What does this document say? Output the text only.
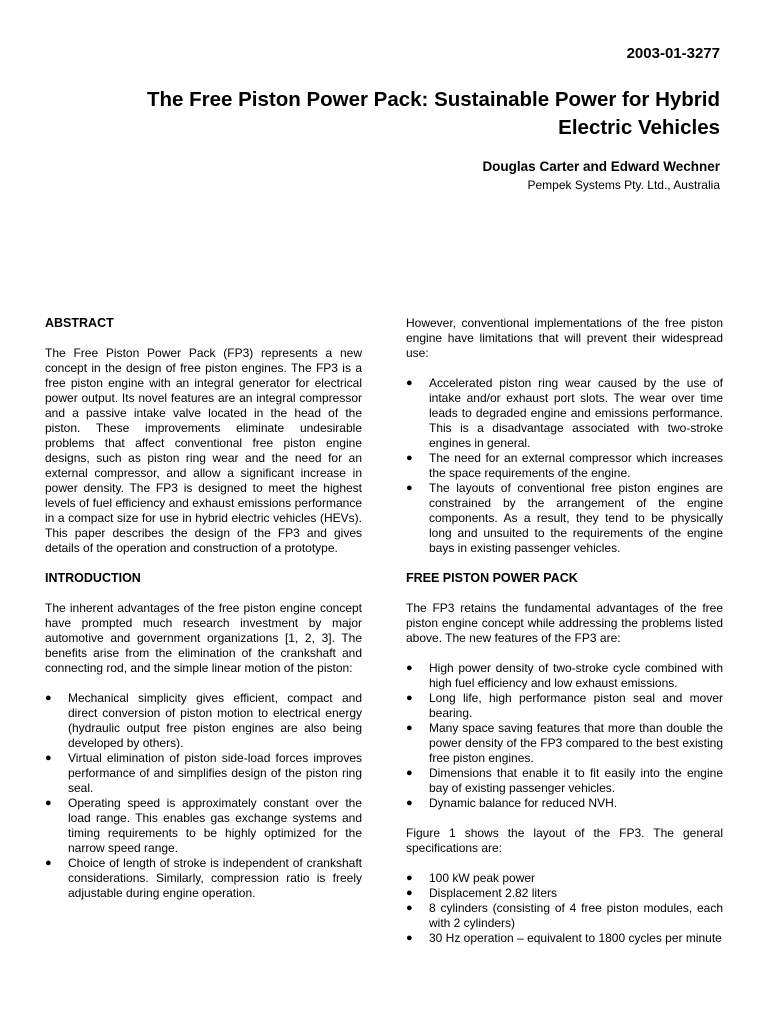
2003-01-3277
The Free Piston Power Pack: Sustainable Power for Hybrid Electric Vehicles
Douglas Carter and Edward Wechner
Pempek Systems Pty. Ltd., Australia
ABSTRACT

The Free Piston Power Pack (FP3) represents a new concept in the design of free piston engines. The FP3 is a free piston engine with an integral generator for electrical power output. Its novel features are an integral compressor and a passive intake valve located in the head of the piston. These improvements eliminate undesirable problems that affect conventional free piston engine designs, such as piston ring wear and the need for an external compressor, and allow a significant increase in power density. The FP3 is designed to meet the highest levels of fuel efficiency and exhaust emissions performance in a compact size for use in hybrid electric vehicles (HEVs). This paper describes the design of the FP3 and gives details of the operation and construction of a prototype.

INTRODUCTION

The inherent advantages of the free piston engine concept have prompted much research investment by major automotive and government organizations [1, 2, 3]. The benefits arise from the elimination of the crankshaft and connecting rod, and the simple linear motion of the piston:

● Mechanical simplicity gives efficient, compact and direct conversion of piston motion to electrical energy (hydraulic output free piston engines are also being developed by others).
● Virtual elimination of piston side-load forces improves performance of and simplifies design of the piston ring seal.
● Operating speed is approximately constant over the load range. This enables gas exchange systems and timing requirements to be highly optimized for the narrow speed range.
● Choice of length of stroke is independent of crankshaft considerations. Similarly, compression ratio is freely adjustable during engine operation.

However, conventional implementations of the free piston engine have limitations that will prevent their widespread use:

● Accelerated piston ring wear caused by the use of intake and/or exhaust port slots. The wear over time leads to degraded engine and emissions performance. This is a disadvantage associated with two-stroke engines in general.
● The need for an external compressor which increases the space requirements of the engine.
● The layouts of conventional free piston engines are constrained by the arrangement of the engine components. As a result, they tend to be physically long and unsuited to the requirements of the engine bays in existing passenger vehicles.
FREE PISTON POWER PACK

The FP3 retains the fundamental advantages of the free piston engine concept while addressing the problems listed above. The new features of the FP3 are:

● High power density of two-stroke cycle combined with high fuel efficiency and low exhaust emissions.
● Long life, high performance piston seal and mover bearing.
● Many space saving features that more than double the power density of the FP3 compared to the best existing free piston engines.
● Dimensions that enable it to fit easily into the engine bay of existing passenger vehicles.
● Dynamic balance for reduced NVH.

Figure 1 shows the layout of the FP3. The general specifications are:

● 100 kW peak power
● Displacement 2.82 liters
● 8 cylinders (consisting of 4 free piston modules, each with 2 cylinders)
● 30 Hz operation – equivalent to 1800 cycles per minute
